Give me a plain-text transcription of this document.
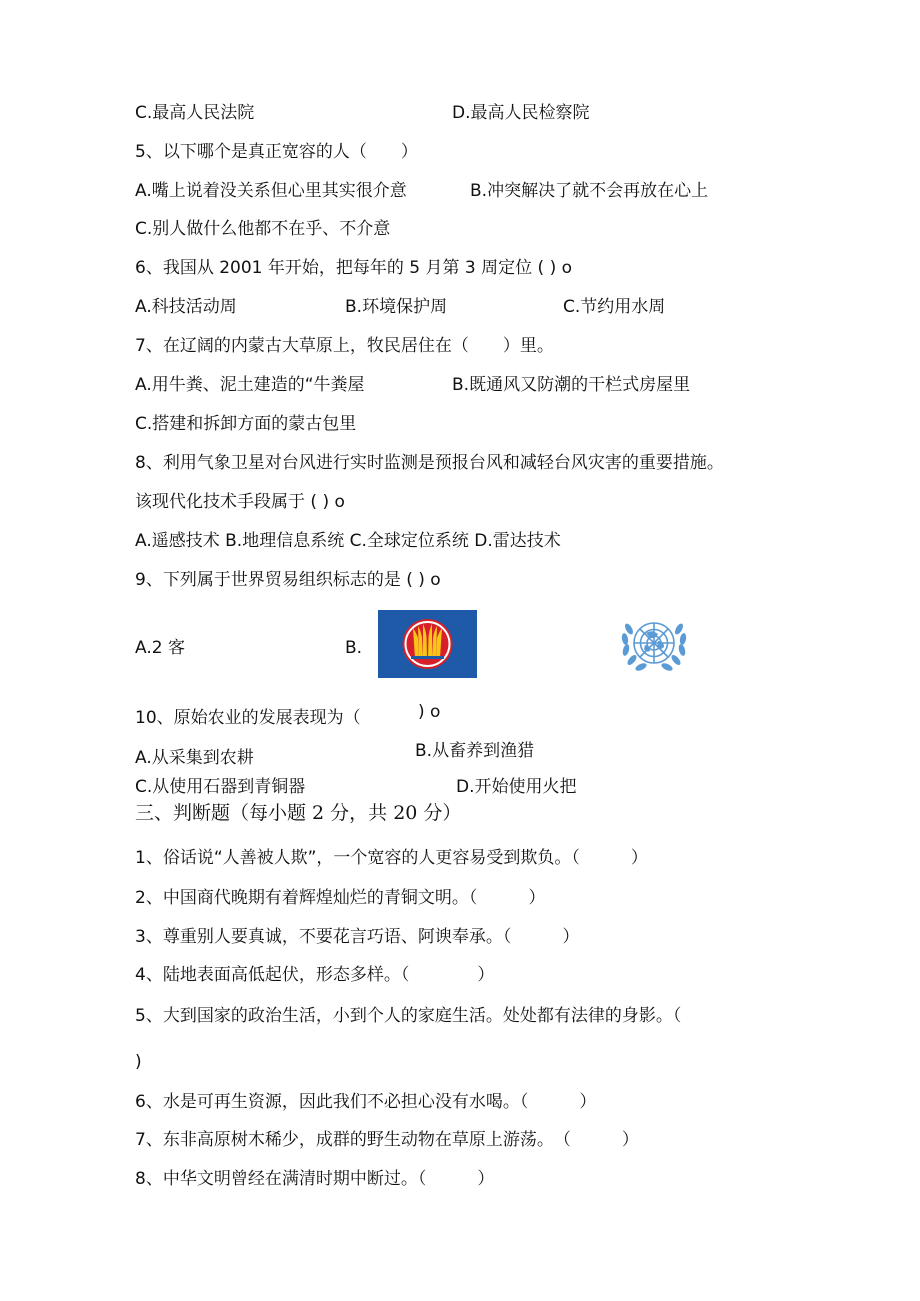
C.最高人民法院	D.最高人民检察院
5、以下哪个是真正宽容的人（　　）
A.嘴上说着没关系但心里其实很介意	B.冲突解决了就不会再放在心上
C.别人做什么他都不在乎、不介意
6、我国从 2001 年开始，把每年的 5 月第 3 周定位 ( ) o
A.科技活动周	B.环境保护周	C.节约用水周
7、在辽阔的内蒙古大草原上，牧民居住在（　　）里。
A.用牛粪、泥土建造的“牛粪屋	B.既通风又防潮的干栏式房屋里
C.搭建和拆卸方面的蒙古包里
8、利用气象卫星对台风进行实时监测是预报台风和减轻台风灾害的重要措施。
该现代化技术手段属于 ( ) o
A.遥感技术 B.地理信息系统 C.全球定位系统 D.雷达技术
9、下列属于世界贸易组织标志的是 ( ) o
A.2 客	B.
10、原始农业的发展表现为（	) o
A.从采集到农耕	B.从畜养到渔猎
C.从使用石器到青铜器	D.开始使用火把
三、判断题（每小题 2 分，共 20 分）
1、俗话说“人善被人欺”，一个宽容的人更容易受到欺负。（　　　）
2、中国商代晚期有着辉煌灿烂的青铜文明。（　　　）
3、尊重别人要真诚，不要花言巧语、阿谀奉承。（　　　）
4、陆地表面高低起伏，形态多样。（　　　　）
5、大到国家的政治生活，小到个人的家庭生活。处处都有法律的身影。（
)
6、水是可再生资源，因此我们不必担心没有水喝。（　　　）
7、东非高原树木稀少，成群的野生动物在草原上游荡。　（　　　）
8、中华文明曾经在满清时期中断过。（　　　）
